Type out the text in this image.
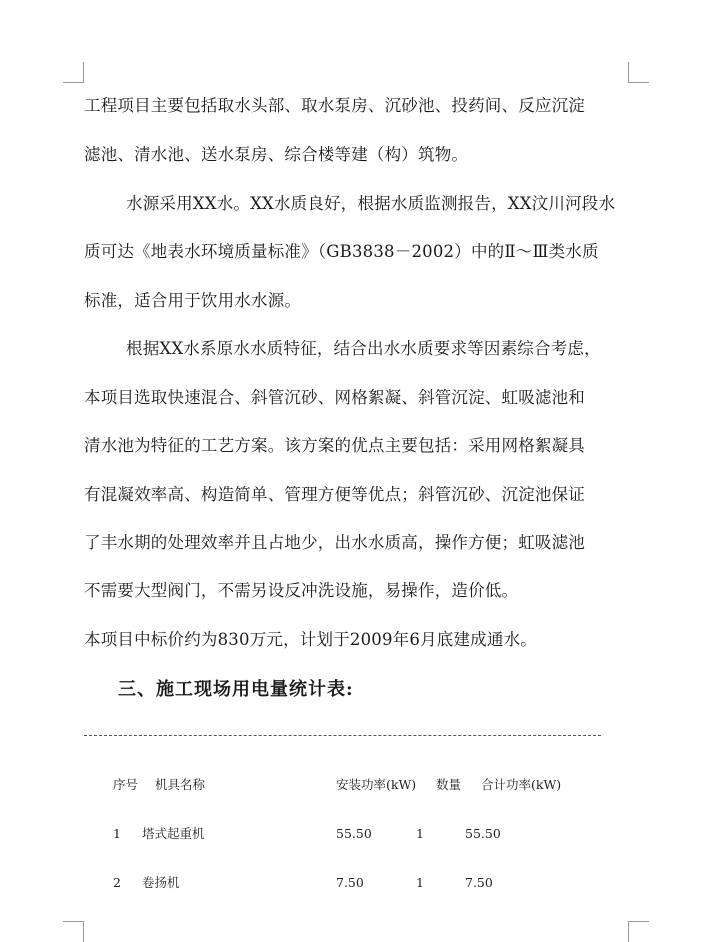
工程项目主要包括取水头部、取水泵房、沉砂池、投药间、反应沉淀
滤池、清水池、送水泵房、综合楼等建（构）筑物。
水源采用XX水。XX水质良好，根据水质监测报告，XX汶川河段水
质可达《地表水环境质量标准》（GB3838－2002）中的Ⅱ～Ⅲ类水质
标准，适合用于饮用水水源。
根据XX水系原水水质特征，结合出水水质要求等因素综合考虑，
本项目选取快速混合、斜管沉砂、网格絮凝、斜管沉淀、虹吸滤池和
清水池为特征的工艺方案。该方案的优点主要包括：采用网格絮凝具
有混凝效率高、构造简单、管理方便等优点；斜管沉砂、沉淀池保证
了丰水期的处理效率并且占地少，出水水质高，操作方便；虹吸滤池
不需要大型阀门，不需另设反冲洗设施，易操作，造价低。
本项目中标价约为830万元，计划于2009年6月底建成通水。
三、施工现场用电量统计表:
序号 机具名称	安装功率(kW) 数量 合计功率(kW)
1 塔式起重机	55.50	1	55.50
2 卷扬机	7.50	1	7.50
